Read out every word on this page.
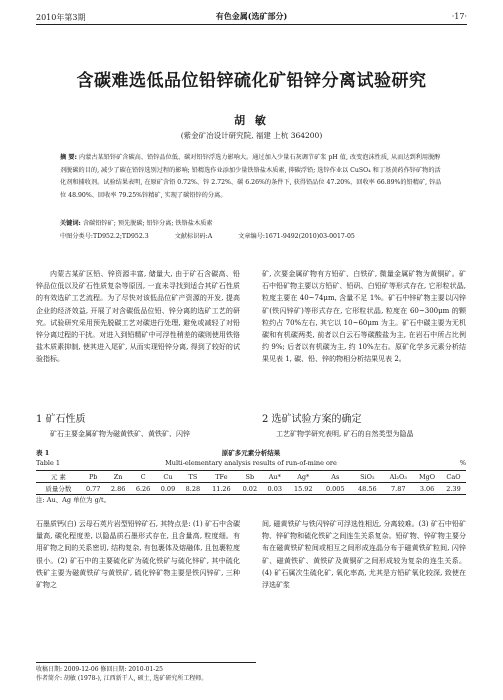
2010年第3期	有色金属(选矿部分)	·17·
含碳难选低品位铅锌硫化矿铅锌分离试验研究
胡 敏
(紫金矿冶设计研究院, 福建 上杭 364200)
摘 要: 内蒙古某铅锌矿含碳高、铅锌品位低、碳对铅锌浮选力影响大。通过加入少量石灰调节矿浆 pH 值, 改变泡沫性质, 从而达到利用脱醇剂脱碳的目的, 减少了碳在铅锌选别过程的影响; 铅精选作业添加少量铁铬盐木质素, 抑碳浮铅; 选锌作业以 CuSO₄ 和丁基黄药作锌矿物的活化剂和捕收剂。试验结果表明, 在原矿含铅 0.72%、锌 2.72%、碳 6.26%的条件下, 获得铅品位 47.20%、回收率 66.89%的铅精矿, 锌品位 48.90%、回收率 79.25%锌精矿, 实现了碳铅锌的分离。
关键词: 含碳铅锌矿; 预先脱碳; 铅锌分离; 铁铬盐木质素
中图分类号:TD952.2;TD952.3	文献标识码:A	文章编号:1671-9492(2010)03-0017-05

内蒙古某矿区铅、锌资源丰富, 储量大, 由于矿石含碳高、铅锌品位低以及矿石性质复杂等原因, 一直未寻找到适合其矿石性质的有效选矿工艺流程。为了尽快对该低品位矿产资源的开发, 提高企业的经济效益, 开展了对含碳低品位铅、锌分离的选矿工艺的研究。试验研究采用预先脱碳工艺对碳进行处理, 避免或减轻了对铅锌分离过程的干扰。对进入到铅精矿中可浮性稍差的碳则使用铁铬盐木质素抑制, 使其进入尾矿, 从而实现铅锌分离, 得到了较好的试验指标。

1 矿石性质

矿石主要金属矿物为磁黄铁矿、黄铁矿、闪锌

矿, 次要金属矿物有方铅矿、白铁矿, 微量金属矿物为黄铜矿。矿石中铅矿物主要以方铅矿、铅矾、白铅矿等形式存在, 它形粒状晶, 粒度主要在 40~74μm, 含量不足 1%。矿石中锌矿物主要以闪锌矿(铁闪锌矿)等形式存在, 它形粒状晶, 粒度在 60~300μm 的颗粒约占 70%左右, 其它以 10~60μm 为主。矿石中碳主要为无机碳和有机碳两类, 前者以白云石等碳酸盐为主, 在岩石中所占比例约 9%; 后者以有机碳为主, 约 10%左右。原矿化学多元素分析结果见表 1, 碳、铅、锌的物相分析结果见表 2。

2 选矿试验方案的确定

工艺矿物学研究表明, 矿石的自然类型为隐晶

表 1	原矿多元素分析结果
Table 1	Multi-elementary analysis results of run-of-mine ore	%
元 素	Pb	Zn	C	Cu	TS	TFe	Sb	Au*	Ag*	As	SiO₂	Al₂O₃	MgO	CaO
质量分数	0.77	2.86	6.26	0.09	8.28	11.26	0.02	0.03	15.92	0.005	48.56	7.87	3.06	2.39
注: Au、Ag 单位为 g/t。

石墨质钙(白) 云母石英片岩型铅锌矿石, 其特点是: (1) 矿石中含碳量高, 碳化程度差, 以隐晶质石墨形式存在, 且含量高, 粒度细。有用矿物之间的关系密切, 结构复杂, 有包裹体及熔融体, 且包裹粒度很小。(2) 矿石中的主要硫化矿为硫化铁矿与硫化锌矿, 其中硫化铁矿主要为磁黄铁矿与黄铁矿, 硫化锌矿物主要是铁闪锌矿, 三种矿物之

间, 磁黄铁矿与铁闪锌矿可浮选性相近, 分离较难。(3) 矿石中铅矿物、锌矿物和硫化铁矿之间连生关系复杂。铅矿物、锌矿物主要分布在磁黄铁矿粒间或相互之间形成连晶分布于磁黄铁矿粒间, 闪锌矿、磁黄铁矿、黄铁矿及黄铜矿之间形成较为复杂的连生关系。(4) 矿石属次生硫化矿, 氧化率高, 尤其是方铅矿氧化较深, 致使在浮选矿浆

收稿日期: 2009-12-06 修回日期: 2010-01-25
作者简介: 胡敏 (1978-), 江西新干人, 硕士, 选矿研究所工程师。
